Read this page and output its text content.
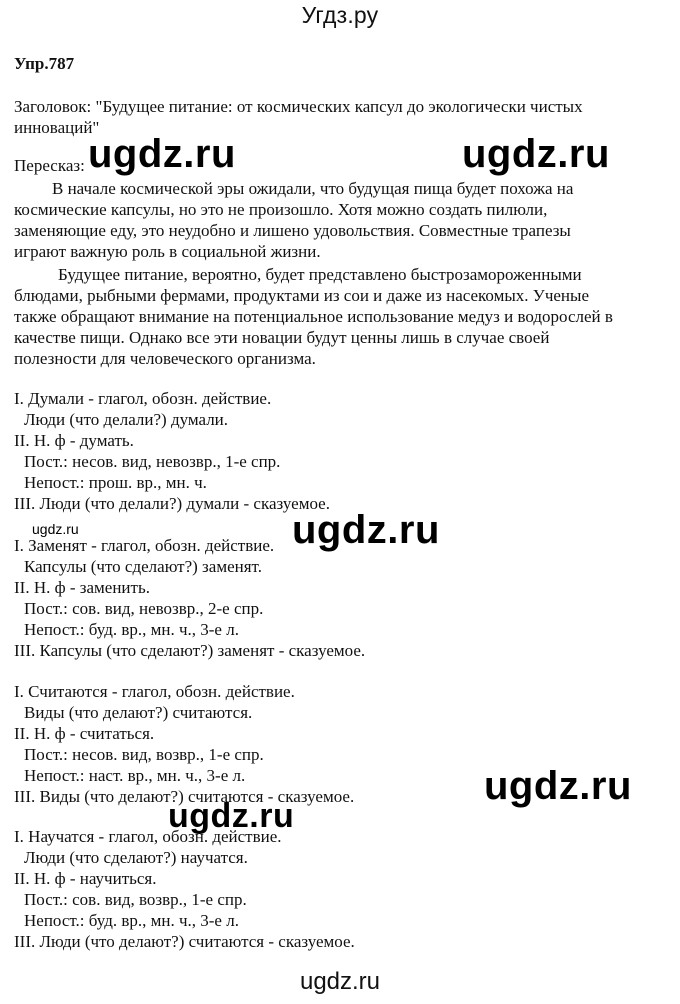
Угдз.ру
Упр.787
Заголовок: "Будущее питание: от космических капсул до экологически чистых
инноваций"
Пересказ:
В начале космической эры ожидали, что будущая пища будет похожа на
космические капсулы, но это не произошло. Хотя можно создать пилюли,
заменяющие еду, это неудобно и лишено удовольствия. Совместные трапезы
играют важную роль в социальной жизни.
Будущее питание, вероятно, будет представлено быстрозамороженными
блюдами, рыбными фермами, продуктами из сои и даже из насекомых. Ученые
также обращают внимание на потенциальное использование медуз и водорослей в
качестве пищи. Однако все эти новации будут ценны лишь в случае своей
полезности для человеческого организма.
I. Думали - глагол, обозн. действие.
Люди (что делали?) думали.
II. Н. ф - думать.
Пост.: несов. вид, невозвр., 1-е спр.
Непост.: прош. вр., мн. ч.
III. Люди (что делали?) думали - сказуемое.
I. Заменят - глагол, обозн. действие.
Капсулы (что сделают?) заменят.
II. Н. ф - заменить.
Пост.: сов. вид, невозвр., 2-е спр.
Непост.: буд. вр., мн. ч., 3-е л.
III. Капсулы (что сделают?) заменят - сказуемое.
I. Считаются - глагол, обозн. действие.
Виды (что делают?) считаются.
II. Н. ф - считаться.
Пост.: несов. вид, возвр., 1-е спр.
Непост.: наст. вр., мн. ч., 3-е л.
III. Виды (что делают?) считаются - сказуемое.
I. Научатся - глагол, обозн. действие.
Люди (что сделают?) научатся.
II. Н. ф - научиться.
Пост.: сов. вид, возвр., 1-е спр.
Непост.: буд. вр., мн. ч., 3-е л.
III. Люди (что делают?) считаются - сказуемое.
ugdz.ru	ugdz.ru
ugdz.ru	ugdz.ru
ugdz.ru
ugdz.ru
ugdz.ru
